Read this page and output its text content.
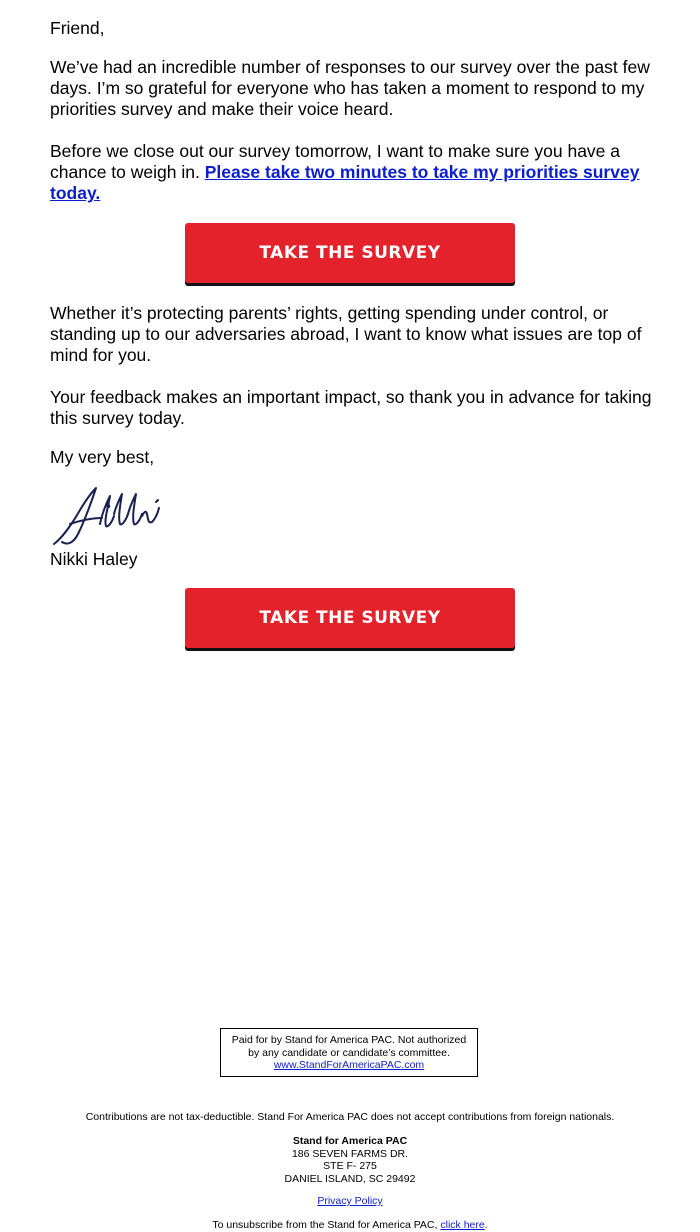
Friend,

We’ve had an incredible number of responses to our survey over the past few days. I’m so grateful for everyone who has taken a moment to respond to my priorities survey and make their voice heard.

Before we close out our survey tomorrow, I want to make sure you have a chance to weigh in. Please take two minutes to take my priorities survey today.

TAKE THE SURVEY

Whether it’s protecting parents’ rights, getting spending under control, or standing up to our adversaries abroad, I want to know what issues are top of mind for you.

Your feedback makes an important impact, so thank you in advance for taking this survey today.

My very best,

Nikki Haley

TAKE THE SURVEY
Paid for by Stand for America PAC. Not authorized
by any candidate or candidate’s committee.
www.StandForAmericaPAC.com
Contributions are not tax-deductible. Stand For America PAC does not accept contributions from foreign nationals.
Stand for America PAC
186 SEVEN FARMS DR.
STE F- 275
DANIEL ISLAND, SC 29492
Privacy Policy
To unsubscribe from the Stand for America PAC, click here.
